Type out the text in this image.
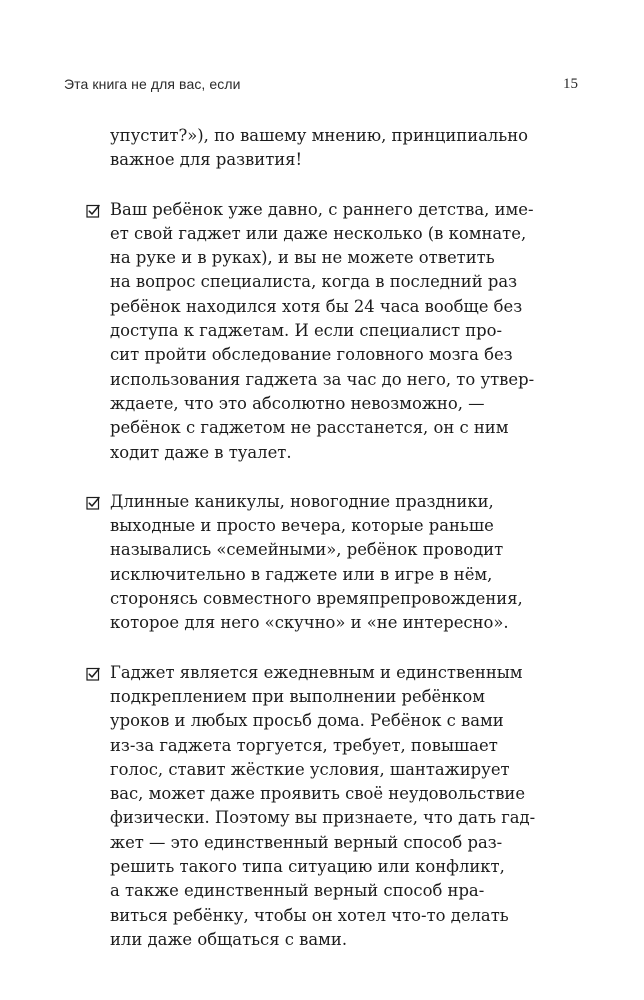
Эта книга не для вас, если	15
упустит?»), по вашему мнению, принципиально
важное для развития!
Ваш ребёнок уже давно, с раннего детства, име-
ет свой гаджет или даже несколько (в комнате,
на руке и в руках), и вы не можете ответить
на вопрос специалиста, когда в последний раз
ребёнок находился хотя бы 24 часа вообще без
доступа к гаджетам. И если специалист про-
сит пройти обследование головного мозга без
использования гаджета за час до него, то утвер-
ждаете, что это абсолютно невозможно, —
ребёнок с гаджетом не расстанется, он с ним
ходит даже в туалет.
Длинные каникулы, новогодние праздники,
выходные и просто вечера, которые раньше
назывались «семейными», ребёнок проводит
исключительно в гаджете или в игре в нём,
сторонясь совместного времяпрепровождения,
которое для него «скучно» и «не интересно».
Гаджет является ежедневным и единственным
подкреплением при выполнении ребёнком
уроков и любых просьб дома. Ребёнок с вами
из-за гаджета торгуется, требует, повышает
голос, ставит жёсткие условия, шантажирует
вас, может даже проявить своё неудовольствие
физически. Поэтому вы признаете, что дать гад-
жет — это единственный верный способ раз-
решить такого типа ситуацию или конфликт,
а также единственный верный способ нра-
виться ребёнку, чтобы он хотел что-то делать
или даже общаться с вами.
